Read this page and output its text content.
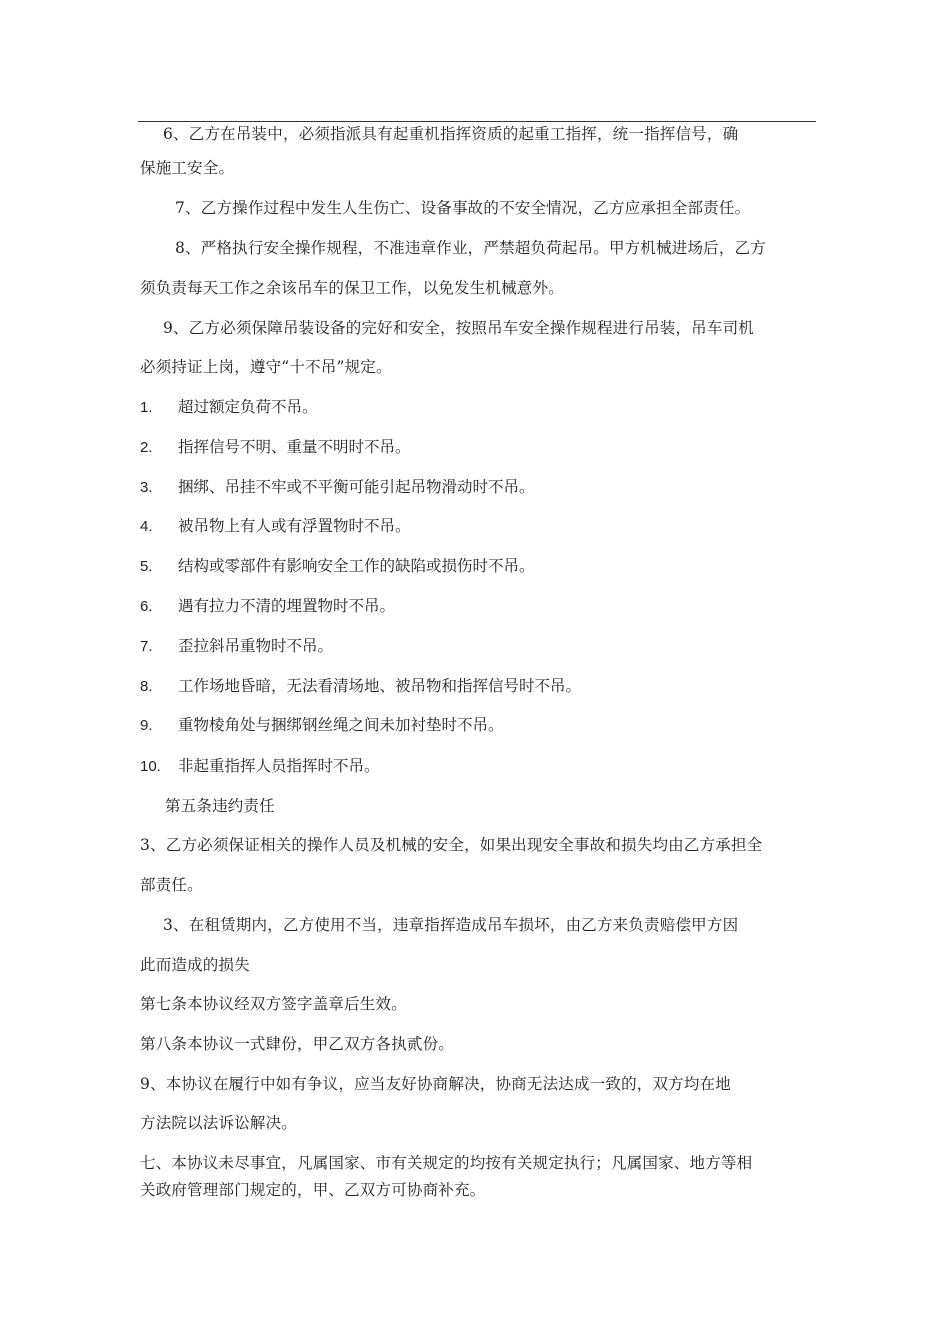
6、乙方在吊装中，必须指派具有起重机指挥资质的起重工指挥，统一指挥信号，确
保施工安全。
7、乙方操作过程中发生人生伤亡、设备事故的不安全情况，乙方应承担全部责任。
8、严格执行安全操作规程，不准违章作业，严禁超负荷起吊。甲方机械进场后，乙方
须负责每天工作之余该吊车的保卫工作，以免发生机械意外。
9、乙方必须保障吊装设备的完好和安全，按照吊车安全操作规程进行吊装，吊车司机
必须持证上岗，遵守“十不吊”规定。
1. 超过额定负荷不吊。
2. 指挥信号不明、重量不明时不吊。
3. 捆绑、吊挂不牢或不平衡可能引起吊物滑动时不吊。
4. 被吊物上有人或有浮置物时不吊。
5. 结构或零部件有影响安全工作的缺陷或损伤时不吊。
6. 遇有拉力不清的埋置物时不吊。
7. 歪拉斜吊重物时不吊。
8. 工作场地昏暗，无法看清场地、被吊物和指挥信号时不吊。
9. 重物棱角处与捆绑钢丝绳之间未加衬垫时不吊。
10. 非起重指挥人员指挥时不吊。
第五条违约责任
3、乙方必须保证相关的操作人员及机械的安全，如果出现安全事故和损失均由乙方承担全
部责任。
3、在租赁期内，乙方使用不当，违章指挥造成吊车损坏，由乙方来负责赔偿甲方因
此而造成的损失
第七条本协议经双方签字盖章后生效。
第八条本协议一式肆份，甲乙双方各执贰份。
9、本协议在履行中如有争议，应当友好协商解决，协商无法达成一致的，双方均在地
方法院以法诉讼解决。
七、本协议未尽事宜，凡属国家、市有关规定的均按有关规定执行；凡属国家、地方等相
关政府管理部门规定的，甲、乙双方可协商补充。
